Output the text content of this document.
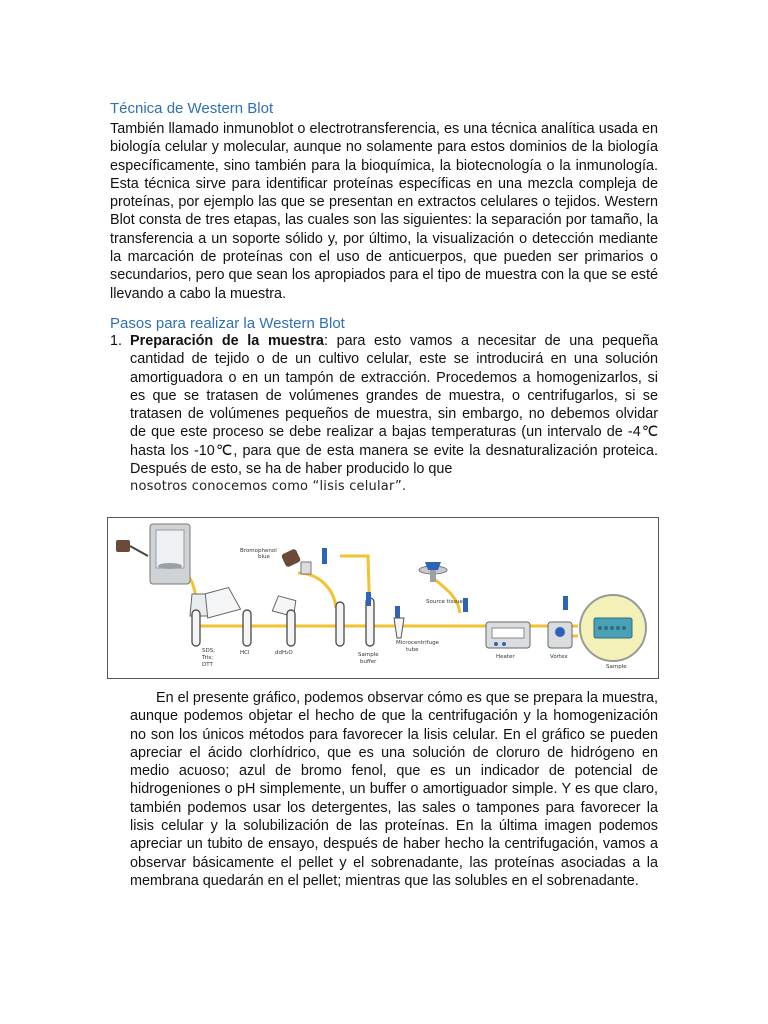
Técnica de Western Blot

También llamado inmunoblot o electrotransferencia, es una técnica analítica usada en biología celular y molecular, aunque no solamente para estos dominios de la biología específicamente, sino también para la bioquímica, la biotecnología o la inmunología. Esta técnica sirve para identificar proteínas específicas en una mezcla compleja de proteínas, por ejemplo las que se presentan en extractos celulares o tejidos. Western Blot consta de tres etapas, las cuales son las siguientes: la separación por tamaño, la transferencia a un soporte sólido y, por último, la visualización o detección mediante la marcación de proteínas con el uso de anticuerpos, que pueden ser primarios o secundarios, pero que sean los apropiados para el tipo de muestra con la que se esté llevando a cabo la muestra.

Pasos para realizar la Western Blot
1. Preparación de la muestra: para esto vamos a necesitar de una pequeña cantidad de tejido o de un cultivo celular, este se introducirá en una solución amortiguadora o en un tampón de extracción. Procedemos a homogenizarlos, si es que se tratasen de volúmenes grandes de muestra, o centrifugarlos, si se tratasen de volúmenes pequeños de muestra, sin embargo, no debemos olvidar de que este proceso se debe realizar a bajas temperaturas (un intervalo de -4℃ hasta los -10℃, para que de esta manera se evite la desnaturalización proteica. Después de esto, se ha de haber producido lo que
nosotros conocemos como “lisis celular”.
Bromophenol
blue
Source tissue
SDS;
Tris;
DTT
HCl	ddH₂O	Sample
buffer
Microcentrifuge
tube
Heater	Vortex
Sample

En el presente gráfico, podemos observar cómo es que se prepara la muestra, aunque podemos objetar el hecho de que la centrifugación y la homogenización no son los únicos métodos para favorecer la lisis celular. En el gráfico se pueden apreciar el ácido clorhídrico, que es una solución de cloruro de hidrógeno en medio acuoso; azul de bromo fenol, que es un indicador de potencial de hidrogeniones o pH simplemente, un buffer o amortiguador simple. Y es que claro, también podemos usar los detergentes, las sales o tampones para favorecer la lisis celular y la solubilización de las proteínas. En la última imagen podemos apreciar un tubito de ensayo, después de haber hecho la centrifugación, vamos a observar básicamente el pellet y el sobrenadante, las proteínas asociadas a la membrana quedarán en el pellet; mientras que las solubles en el sobrenadante.
